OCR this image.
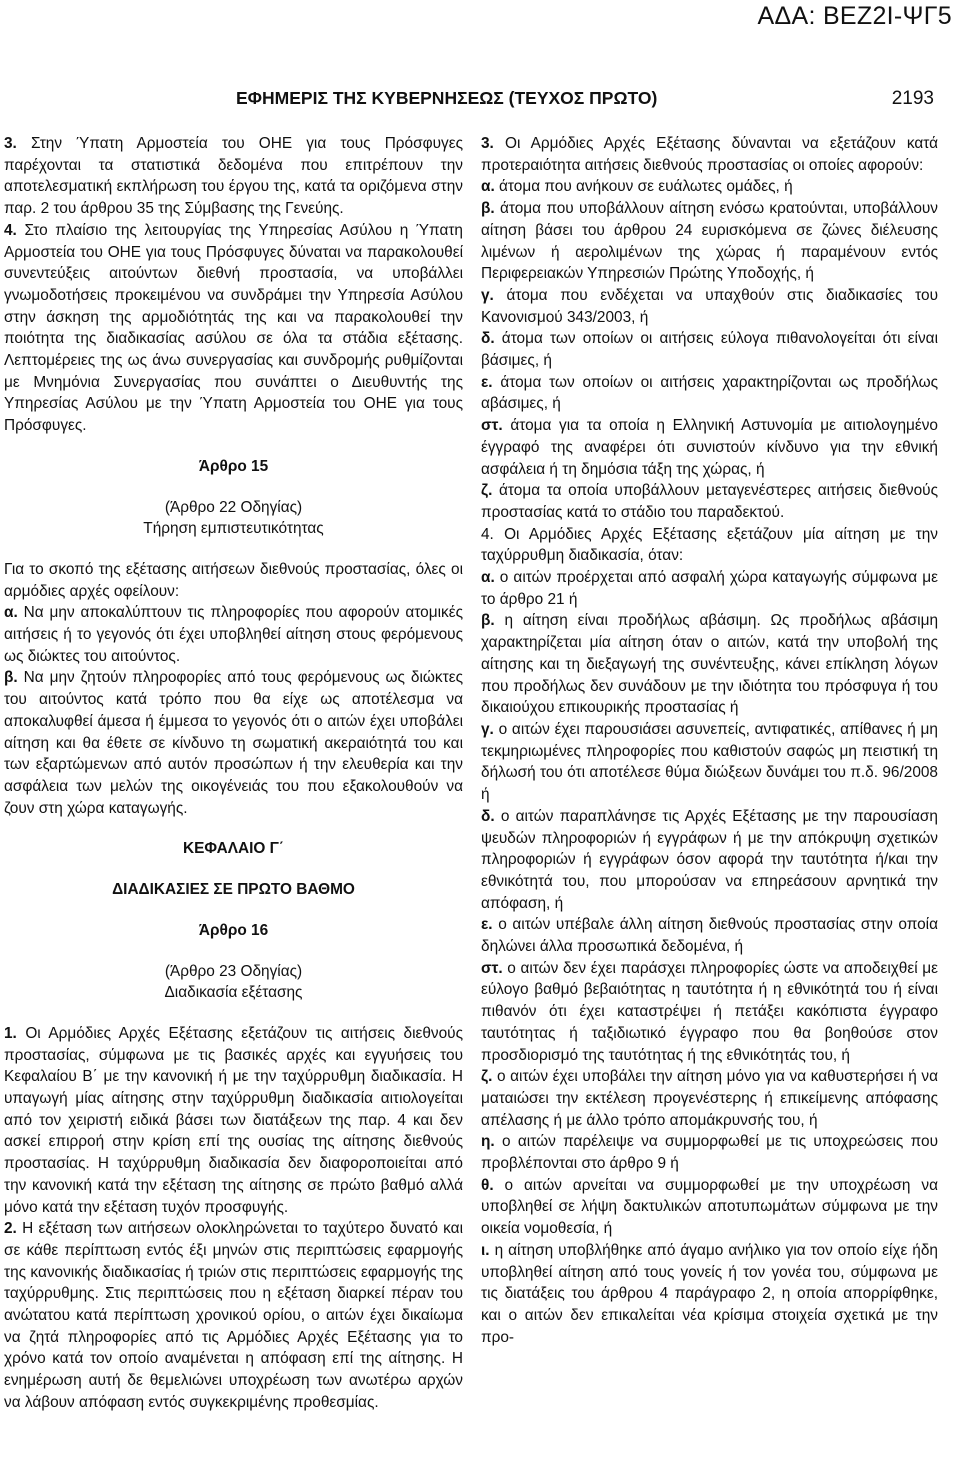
ΑΔΑ: ΒΕΖ2Ι-ΨΓ5
ΕΦΗΜΕΡΙΣ ΤΗΣ ΚΥΒΕΡΝΗΣΕΩΣ (ΤΕΥΧΟΣ ΠΡΩΤΟ)	2193

3. Στην Ύπατη Αρμοστεία του ΟΗΕ για τους Πρόσφυγες παρέχονται τα στατιστικά δεδομένα που επιτρέπουν την αποτελεσματική εκπλήρωση του έργου της, κατά τα οριζόμενα στην παρ. 2 του άρθρου 35 της Σύμβασης της Γενεύης.

4. Στο πλαίσιο της λειτουργίας της Υπηρεσίας Ασύλου η Ύπατη Αρμοστεία του ΟΗΕ για τους Πρόσφυγες δύναται να παρακολουθεί συνεντεύξεις αιτούντων διεθνή προστασία, να υποβάλλει γνωμοδοτήσεις προκειμένου να συνδράμει την Υπηρεσία Ασύλου στην άσκηση της αρμοδιότητάς της και να παρακολουθεί την ποιότητα της διαδικασίας ασύλου σε όλα τα στάδια εξέτασης. Λεπτομέρειες της ως άνω συνεργασίας και συνδρομής ρυθμίζονται με Μνημόνια Συνεργασίας που συνάπτει ο Διευθυντής της Υπηρεσίας Ασύλου με την Ύπατη Αρμοστεία του ΟΗΕ για τους Πρόσφυγες.

Άρθρο 15

(Άρθρο 22 Οδηγίας)

Τήρηση εμπιστευτικότητας

Για το σκοπό της εξέτασης αιτήσεων διεθνούς προστασίας, όλες οι αρμόδιες αρχές οφείλουν:

α. Να μην αποκαλύπτουν τις πληροφορίες που αφορούν ατομικές αιτήσεις ή το γεγονός ότι έχει υποβληθεί αίτηση στους φερόμενους ως διώκτες του αιτούντος.

β. Να μην ζητούν πληροφορίες από τους φερόμενους ως διώκτες του αιτούντος κατά τρόπο που θα είχε ως αποτέλεσμα να αποκαλυφθεί άμεσα ή έμμεσα το γεγονός ότι ο αιτών έχει υποβάλει αίτηση και θα έθετε σε κίνδυνο τη σωματική ακεραιότητά του και των εξαρτώμενων από αυτόν προσώπων ή την ελευθερία και την ασφάλεια των μελών της οικογένειάς του που εξακολουθούν να ζουν στη χώρα καταγωγής.

ΚΕΦΑΛΑΙΟ Γ΄

ΔΙΑΔΙΚΑΣΙΕΣ ΣΕ ΠΡΩΤΟ ΒΑΘΜΟ

Άρθρο 16

(Άρθρο 23 Οδηγίας)

Διαδικασία εξέτασης

1. Οι Αρμόδιες Αρχές Εξέτασης εξετάζουν τις αιτήσεις διεθνούς προστασίας, σύμφωνα με τις βασικές αρχές και εγγυήσεις του Κεφαλαίου Β΄ με την κανονική ή με την ταχύρρυθμη διαδικασία. Η υπαγωγή μίας αίτησης στην ταχύρρυθμη διαδικασία αιτιολογείται από τον χειριστή ειδικά βάσει των διατάξεων της παρ. 4 και δεν ασκεί επιρροή στην κρίση επί της ουσίας της αίτησης διεθνούς προστασίας. Η ταχύρρυθμη διαδικασία δεν διαφοροποιείται από την κανονική κατά την εξέταση της αίτησης σε πρώτο βαθμό αλλά μόνο κατά την εξέταση τυχόν προσφυγής.

2. Η εξέταση των αιτήσεων ολοκληρώνεται το ταχύτερο δυνατό και σε κάθε περίπτωση εντός έξι μηνών στις περιπτώσεις εφαρμογής της κανονικής διαδικασίας ή τριών στις περιπτώσεις εφαρμογής της ταχύρρυθμης. Στις περιπτώσεις που η εξέταση διαρκεί πέραν του ανώτατου κατά περίπτωση χρονικού ορίου, ο αιτών έχει δικαίωμα να ζητά πληροφορίες από τις Αρμόδιες Αρχές Εξέτασης για το χρόνο κατά τον οποίο αναμένεται η απόφαση επί της αίτησης. Η ενημέρωση αυτή δε θεμελιώνει υποχρέωση των ανωτέρω αρχών να λάβουν απόφαση εντός συγκεκριμένης προθεσμίας.

3. Οι Αρμόδιες Αρχές Εξέτασης δύνανται να εξετάζουν κατά προτεραιότητα αιτήσεις διεθνούς προστασίας οι οποίες αφορούν:

α. άτομα που ανήκουν σε ευάλωτες ομάδες, ή

β. άτομα που υποβάλλουν αίτηση ενόσω κρατούνται, υποβάλλουν αίτηση βάσει του άρθρου 24 ευρισκόμενα σε ζώνες διέλευσης λιμένων ή αερολιμένων της χώρας ή παραμένουν εντός Περιφερειακών Υπηρεσιών Πρώτης Υποδοχής, ή

γ. άτομα που ενδέχεται να υπαχθούν στις διαδικασίες του Κανονισμού 343/2003, ή

δ. άτομα των οποίων οι αιτήσεις εύλογα πιθανολογείται ότι είναι βάσιμες, ή

ε. άτομα των οποίων οι αιτήσεις χαρακτηρίζονται ως προδήλως αβάσιμες, ή

στ. άτομα για τα οποία η Ελληνική Αστυνομία με αιτιολογημένο έγγραφό της αναφέρει ότι συνιστούν κίνδυνο για την εθνική ασφάλεια ή τη δημόσια τάξη της χώρας, ή

ζ. άτομα τα οποία υποβάλλουν μεταγενέστερες αιτήσεις διεθνούς προστασίας κατά το στάδιο του παραδεκτού.

4. Οι Αρμόδιες Αρχές Εξέτασης εξετάζουν μία αίτηση με την ταχύρρυθμη διαδικασία, όταν:

α. ο αιτών προέρχεται από ασφαλή χώρα καταγωγής σύμφωνα με το άρθρο 21 ή

β. η αίτηση είναι προδήλως αβάσιμη. Ως προδήλως αβάσιμη χαρακτηρίζεται μία αίτηση όταν ο αιτών, κατά την υποβολή της αίτησης και τη διεξαγωγή της συνέντευξης, κάνει επίκληση λόγων που προδήλως δεν συνάδουν με την ιδιότητα του πρόσφυγα ή του δικαιούχου επικουρικής προστασίας ή

γ. ο αιτών έχει παρουσιάσει ασυνεπείς, αντιφατικές, απίθανες ή μη τεκμηριωμένες πληροφορίες που καθιστούν σαφώς μη πειστική τη δήλωσή του ότι αποτέλεσε θύμα διώξεων δυνάμει του π.δ. 96/2008 ή

δ. ο αιτών παραπλάνησε τις Αρχές Εξέτασης με την παρουσίαση ψευδών πληροφοριών ή εγγράφων ή με την απόκρυψη σχετικών πληροφοριών ή εγγράφων όσον αφορά την ταυτότητα ή/και την εθνικότητά του, που μπορούσαν να επηρεάσουν αρνητικά την απόφαση, ή

ε. ο αιτών υπέβαλε άλλη αίτηση διεθνούς προστασίας στην οποία δηλώνει άλλα προσωπικά δεδομένα, ή

στ. ο αιτών δεν έχει παράσχει πληροφορίες ώστε να αποδειχθεί με εύλογο βαθμό βεβαιότητας η ταυτότητα ή η εθνικότητά του ή είναι πιθανόν ότι έχει καταστρέψει ή πετάξει κακόπιστα έγγραφο ταυτότητας ή ταξιδιωτικό έγγραφο που θα βοηθούσε στον προσδιορισμό της ταυτότητας ή της εθνικότητάς του, ή

ζ. ο αιτών έχει υποβάλει την αίτηση μόνο για να καθυστερήσει ή να ματαιώσει την εκτέλεση προγενέστερης ή επικείμενης απόφασης απέλασης ή με άλλο τρόπο απομάκρυνσής του, ή

η. ο αιτών παρέλειψε να συμμορφωθεί με τις υποχρεώσεις που προβλέπονται στο άρθρο 9 ή

θ. ο αιτών αρνείται να συμμορφωθεί με την υποχρέωση να υποβληθεί σε λήψη δακτυλικών αποτυπωμάτων σύμφωνα με την οικεία νομοθεσία, ή

ι. η αίτηση υποβλήθηκε από άγαμο ανήλικο για τον οποίο είχε ήδη υποβληθεί αίτηση από τους γονείς ή τον γονέα του, σύμφωνα με τις διατάξεις του άρθρου 4 παράγραφο 2, η οποία απορρίφθηκε, και ο αιτών δεν επικαλείται νέα κρίσιμα στοιχεία σχετικά με την προ-
